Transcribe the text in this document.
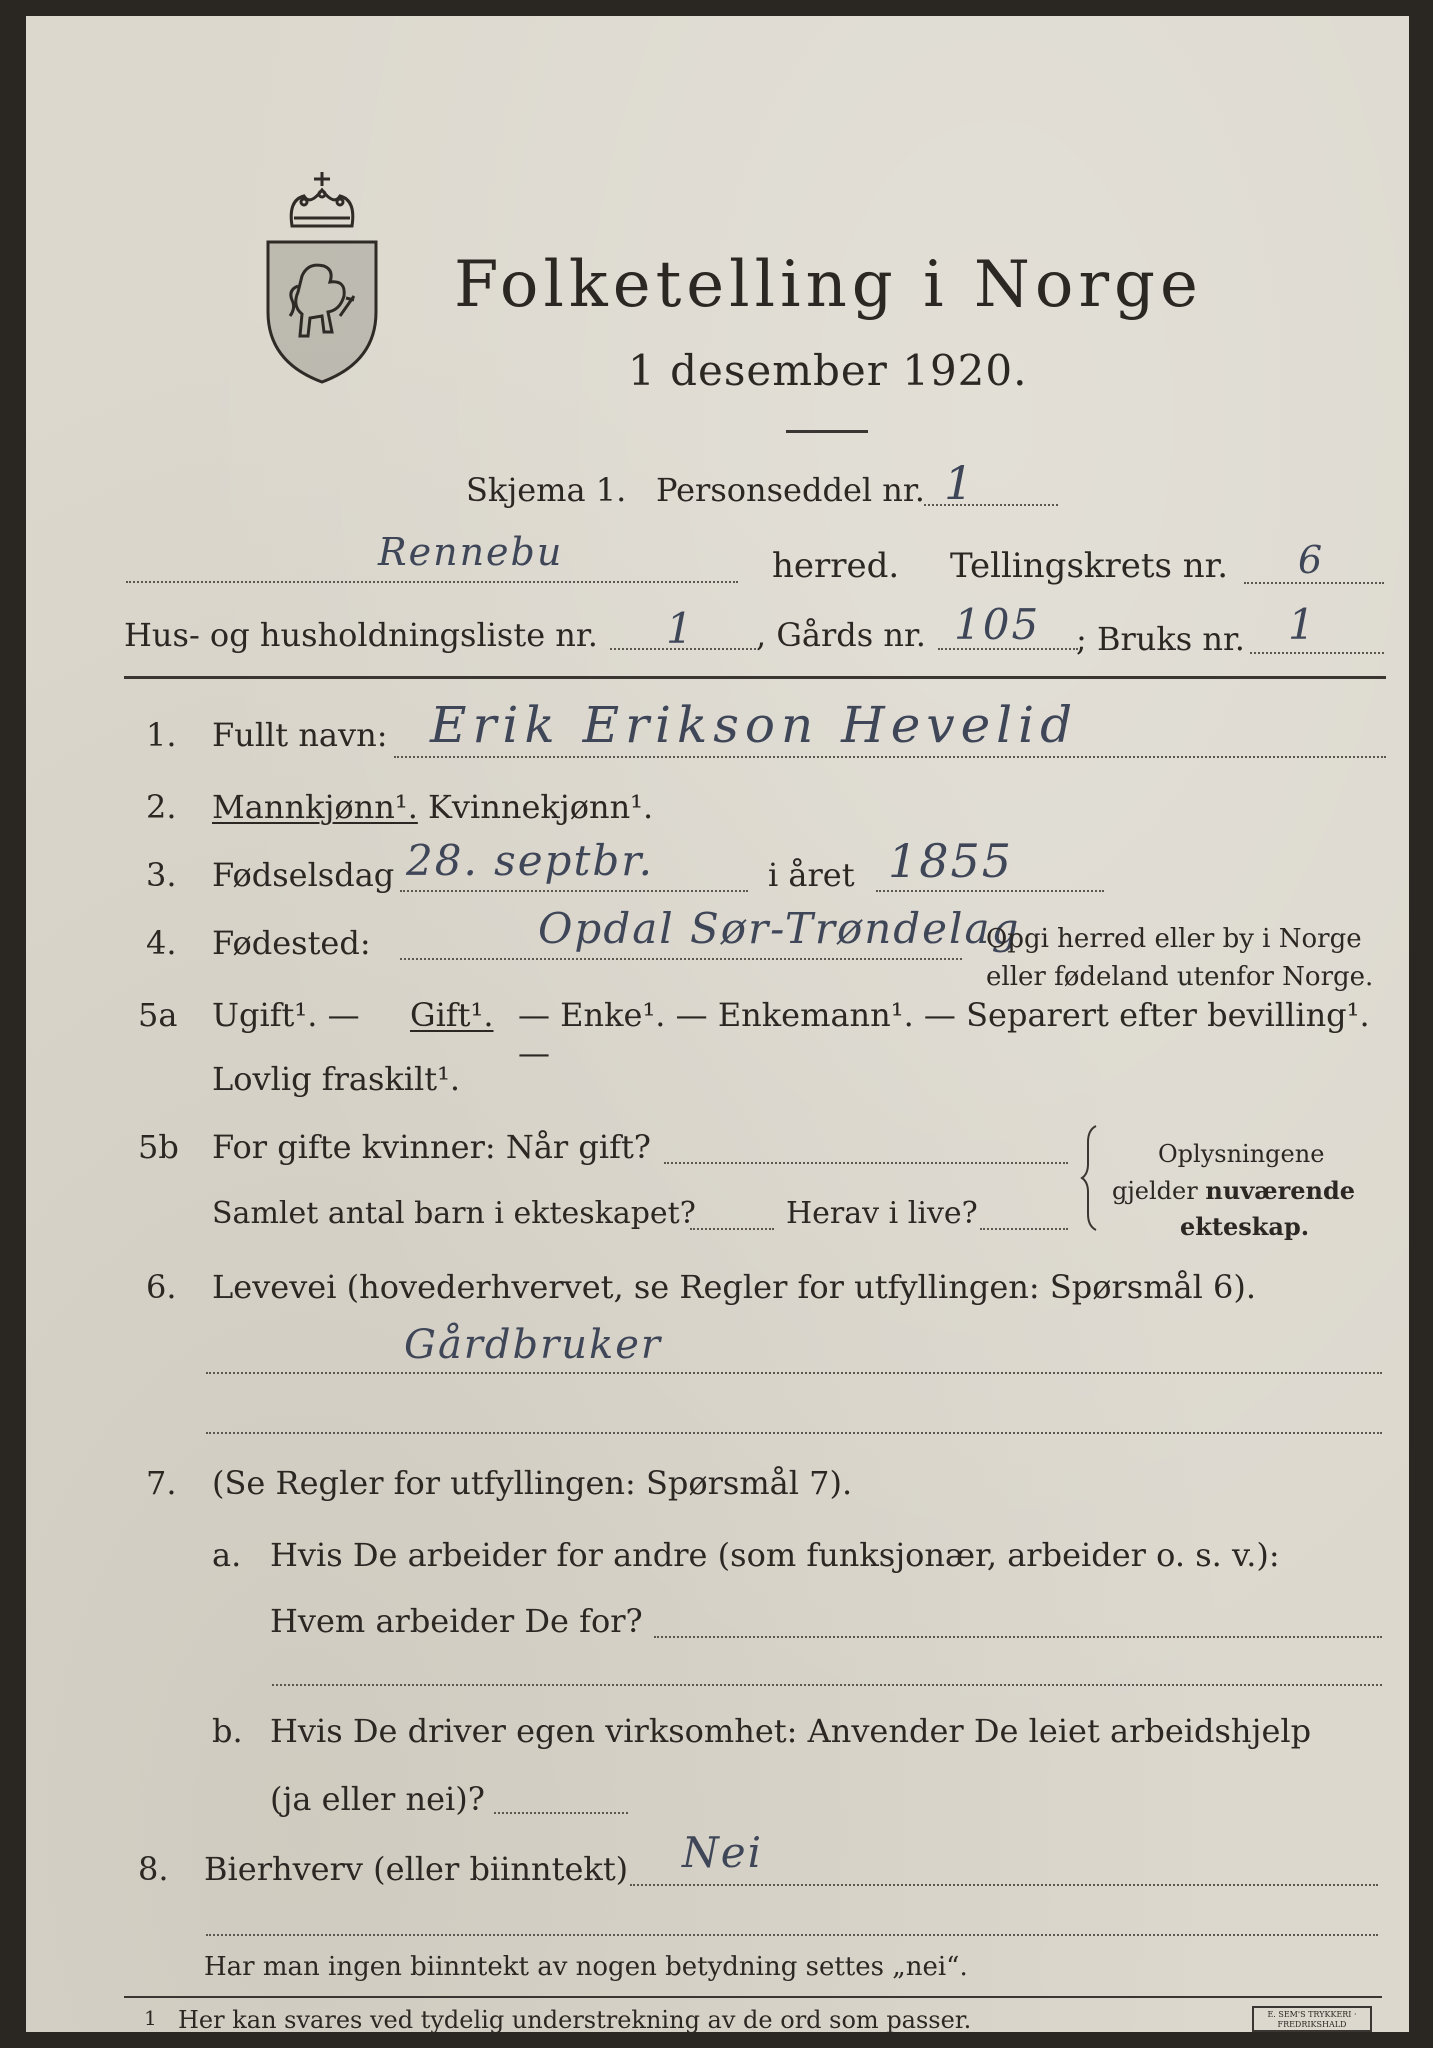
Folketelling i Norge
1 desember 1920.
Skjema 1. Personseddel nr. 1
Rennebu	herred. Tellingskrets nr. 6
Hus- og husholdningsliste nr. 1 , Gårds nr. 105 ; Bruks nr. 1
1. Fullt navn: Erik Erikson Hevelid
2. Mannkjønn¹. Kvinnekjønn¹.
3. Fødselsdag 28. septbr.	i året 1855
4. Fødested:	Opdal Sør-Trøndelag
Opgi herred eller by i Norge
eller fødeland utenfor Norge.
5a Ugift¹. — Gift¹. — Enke¹. — Enkemann¹. — Separert efter bevilling¹. —
Lovlig fraskilt¹.
5b For gifte kvinner: Når gift?
Samlet antal barn i ekteskapet?	Herav i live?
Oplysningene
gjelder nuværende
ekteskap.
6. Levevei (hovederhvervet, se Regler for utfyllingen: Spørsmål 6).
Gårdbruker
7. (Se Regler for utfyllingen: Spørsmål 7).
a. Hvis De arbeider for andre (som funksjonær, arbeider o. s. v.):
Hvem arbeider De for?
b. Hvis De driver egen virksomhet: Anvender De leiet arbeidshjelp
(ja eller nei)?
8. Bierhverv (eller biinntekt) Nei
Har man ingen biinntekt av nogen betydning settes „nei“.
1 Her kan svares ved tydelig understrekning av de ord som passer.	E. SEM'S TRYKKERI · FREDRIKSHALD
